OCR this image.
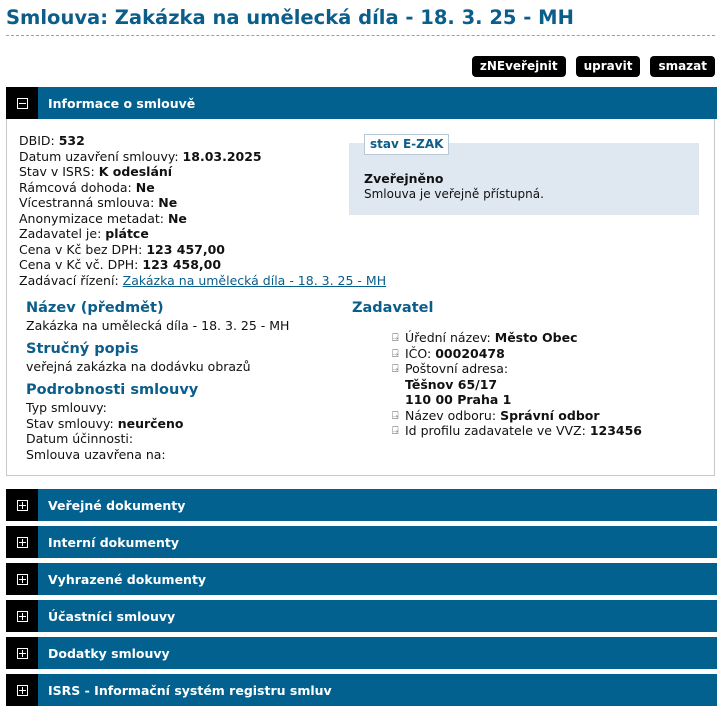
Smlouva: Zakázka na umělecká díla - 18. 3. 25 - MH
zNEveřejnit	upravit	smazat
Informace o smlouvě
DBID: 532
Datum uzavření smlouvy: 18.03.2025
Stav v ISRS: K odeslání
Rámcová dohoda: Ne
Vícestranná smlouva: Ne
Anonymizace metadat: Ne
Zadavatel je: plátce
Cena v Kč bez DPH: 123 457,00
Cena v Kč vč. DPH: 123 458,00
Zadávací řízení: Zakázka na umělecká díla - 18. 3. 25 - MH
stav E-ZAK
Zveřejněno
Smlouva je veřejně přístupná.
Název (předmět)
Zakázka na umělecká díla - 18. 3. 25 - MH
Stručný popis
veřejná zakázka na dodávku obrazů
Podrobnosti smlouvy
Typ smlouvy:
Stav smlouvy: neurčeno
Datum účinnosti:
Smlouva uzavřena na:
Zadavatel
⍈ Úřední název: Město Obec
⍈ IČO: 00020478
⍈ Poštovní adresa:
Těšnov 65/17
110 00 Praha 1
⍈ Název odboru: Správní odbor
⍈ Id profilu zadavatele ve VVZ: 123456
Veřejné dokumenty
Interní dokumenty
Vyhrazené dokumenty
Účastníci smlouvy
Dodatky smlouvy
ISRS - Informační systém registru smluv
